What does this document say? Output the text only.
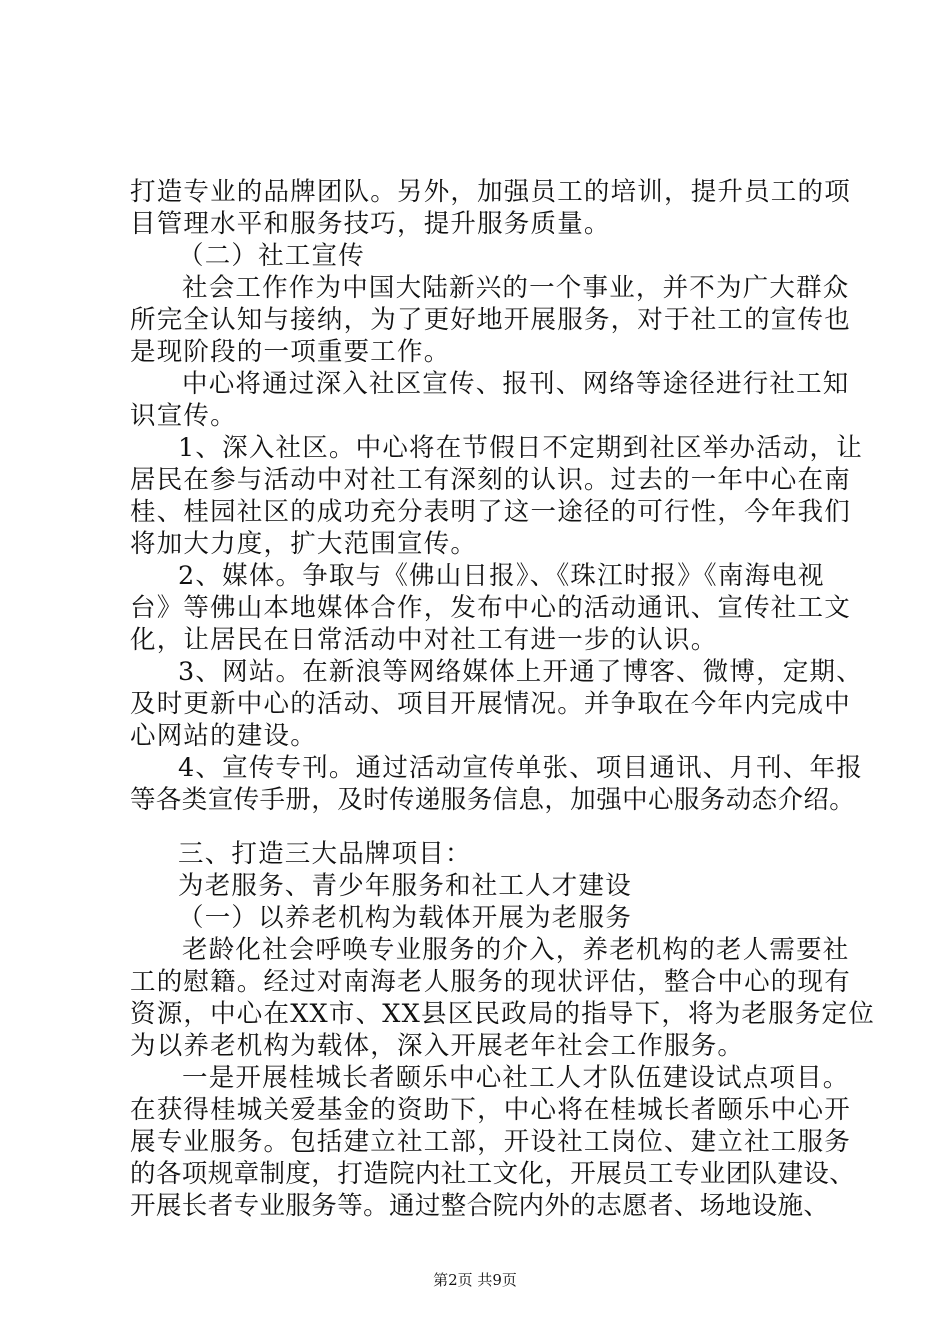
打造专业的品牌团队。另外，加强员工的培训，提升员工的项
目管理水平和服务技巧，提升服务质量。
（二）社工宣传
社会工作作为中国大陆新兴的一个事业，并不为广大群众
所完全认知与接纳，为了更好地开展服务，对于社工的宣传也
是现阶段的一项重要工作。
中心将通过深入社区宣传、报刊、网络等途径进行社工知
识宣传。
1、深入社区。中心将在节假日不定期到社区举办活动，让
居民在参与活动中对社工有深刻的认识。过去的一年中心在南
桂、桂园社区的成功充分表明了这一途径的可行性，今年我们
将加大力度，扩大范围宣传。
2、媒体。争取与《佛山日报》、《珠江时报》《南海电视
台》等佛山本地媒体合作，发布中心的活动通讯、宣传社工文
化，让居民在日常活动中对社工有进一步的认识。
3、网站。在新浪等网络媒体上开通了博客、微博，定期、
及时更新中心的活动、项目开展情况。并争取在今年内完成中
心网站的建设。
4、宣传专刊。通过活动宣传单张、项目通讯、月刊、年报
等各类宣传手册，及时传递服务信息，加强中心服务动态介绍。
三、打造三大品牌项目：
为老服务、青少年服务和社工人才建设
（一）以养老机构为载体开展为老服务
老龄化社会呼唤专业服务的介入，养老机构的老人需要社
工的慰籍。经过对南海老人服务的现状评估，整合中心的现有
资源，中心在XX市、XX县区民政局的指导下，将为老服务定位
为以养老机构为载体，深入开展老年社会工作服务。
一是开展桂城长者颐乐中心社工人才队伍建设试点项目。
在获得桂城关爱基金的资助下，中心将在桂城长者颐乐中心开
展专业服务。包括建立社工部，开设社工岗位、建立社工服务
的各项规章制度，打造院内社工文化，开展员工专业团队建设、
开展长者专业服务等。通过整合院内外的志愿者、场地设施、
第2页 共9页
